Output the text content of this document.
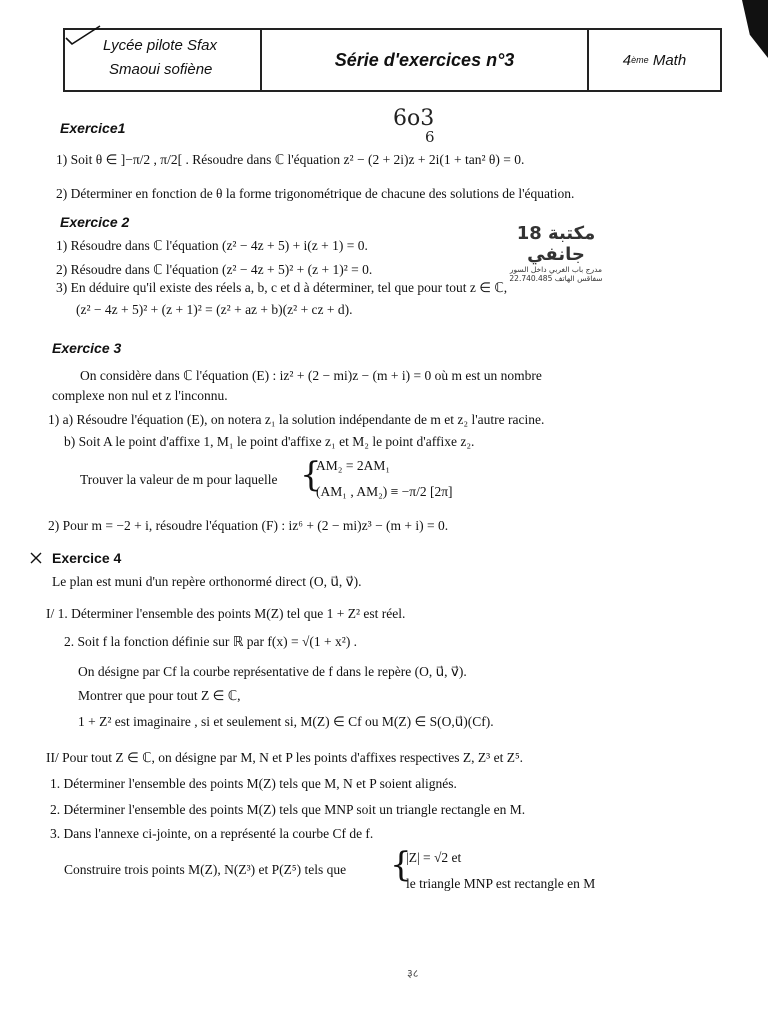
Lycée pilote Sfax
Smaoui sofiène	Série d'exercices n°3	4 ème
Math
6o3
6
مكتبة 18 جانفي
مدرج باب الغربي داخل السور
22.740.485 سفاقس الهاتف
Exercice1
1) Soit θ ∈ ]−π/2 , π/2[ . Résoudre dans ℂ l'équation z² − (2 + 2i)z + 2i(1 + tan² θ) = 0.
2) Déterminer en fonction de θ la forme trigonométrique de chacune des solutions de l'équation.
Exercice 2
1) Résoudre dans ℂ l'équation (z² − 4z + 5) + i(z + 1) = 0.
2) Résoudre dans ℂ l'équation (z² − 4z + 5)² + (z + 1)² = 0.
3) En déduire qu'il existe des réels a, b, c et d à déterminer, tel que pour tout z ∈ ℂ,
(z² − 4z + 5)² + (z + 1)² = (z² + az + b)(z² + cz + d).
Exercice 3
On considère dans ℂ l'équation (E) : iz² + (2 − mi)z − (m + i) = 0 où m est un nombre
complexe non nul et z l'inconnu.
1) a) Résoudre l'équation (E), on notera z₁ la solution indépendante de m et z₂ l'autre racine.
b) Soit A le point d'affixe 1, M₁ le point d'affixe z₁ et M₂ le point d'affixe z₂.
Trouver la valeur de m pour laquelle {
AM₂ = 2AM₁
(AM₁ , AM₂) ≡ −π/2 [2π]
2) Pour m = −2 + i, résoudre l'équation (F) : iz⁶ + (2 − mi)z³ − (m + i) = 0.
Exercice 4
Le plan est muni d'un repère orthonormé direct (O, u⃗, v⃗).
I/ 1. Déterminer l'ensemble des points M(Z) tel que 1 + Z² est réel.
2. Soit f la fonction définie sur ℝ par f(x) = √(1 + x²) .
On désigne par Cf la courbe représentative de f dans le repère (O, u⃗, v⃗).
Montrer que pour tout Z ∈ ℂ,
1 + Z² est imaginaire , si et seulement si, M(Z) ∈ Cf ou M(Z) ∈ S(O,u⃗)(Cf).
II/ Pour tout Z ∈ ℂ, on désigne par M, N et P les points d'affixes respectives Z, Z³ et Z⁵.
1. Déterminer l'ensemble des points M(Z) tels que M, N et P soient alignés.
2. Déterminer l'ensemble des points M(Z) tels que MNP soit un triangle rectangle en M.
3. Dans l'annexe ci-jointe, on a représenté la courbe Cf de f.
Construire trois points M(Z), N(Z³) et P(Z⁵) tels que {
|Z| = √2 et
le triangle MNP est rectangle en M
३८
